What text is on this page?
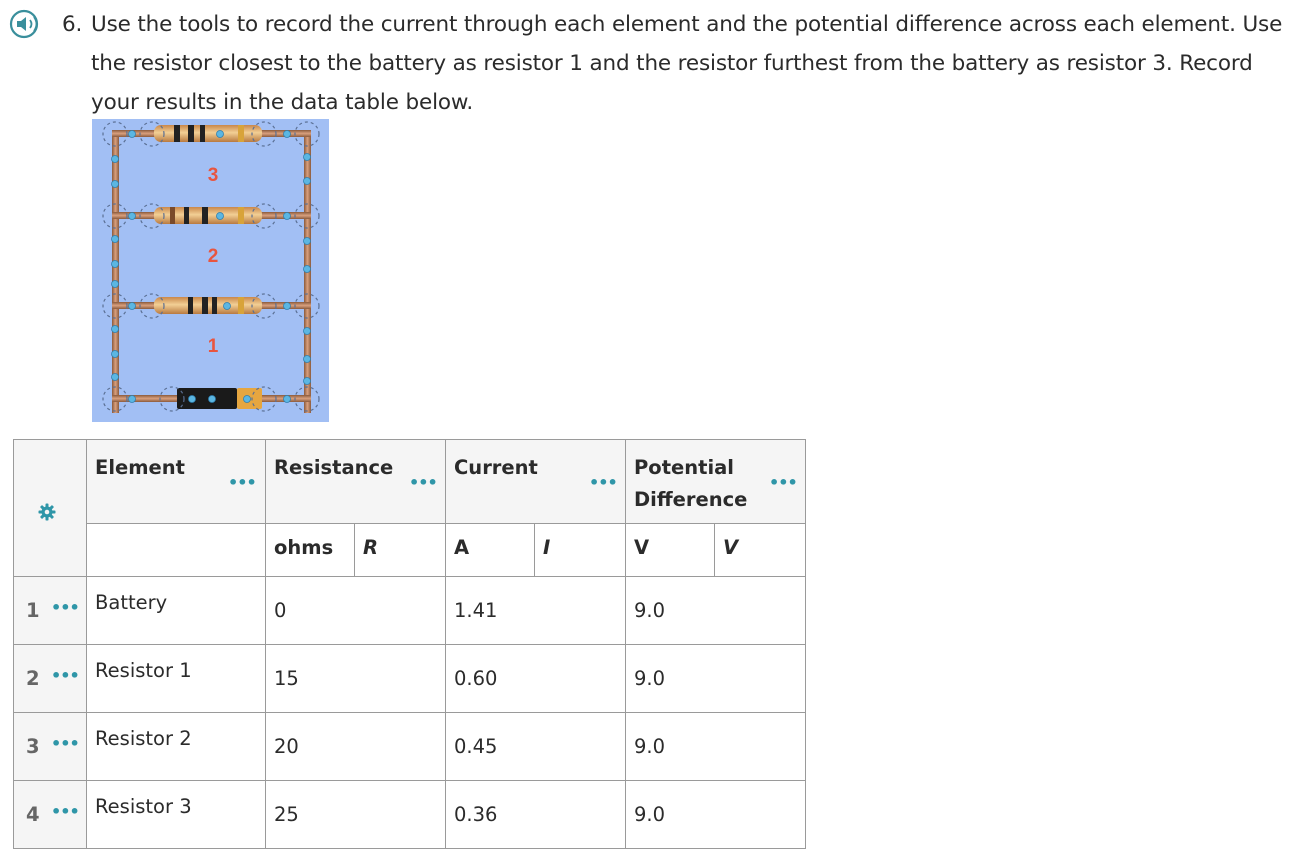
6. Use the tools to record the current through each element and the potential difference across each element. Use the resistor closest to the battery as resistor 1 and the resistor furthest from the battery as resistor 3. Record your results in the data table below.
3
2
1

Element
•••	Resistance
•••		Current
•••		Potential Difference
•••	

		ohms	R	A	I	V	V

1 •••	Battery	0		1.41		9.0	

2 •••	Resistor 1	15		0.60		9.0	

3 •••	Resistor 2	20		0.45		9.0	

4 •••	Resistor 3	25		0.36		9.0	
